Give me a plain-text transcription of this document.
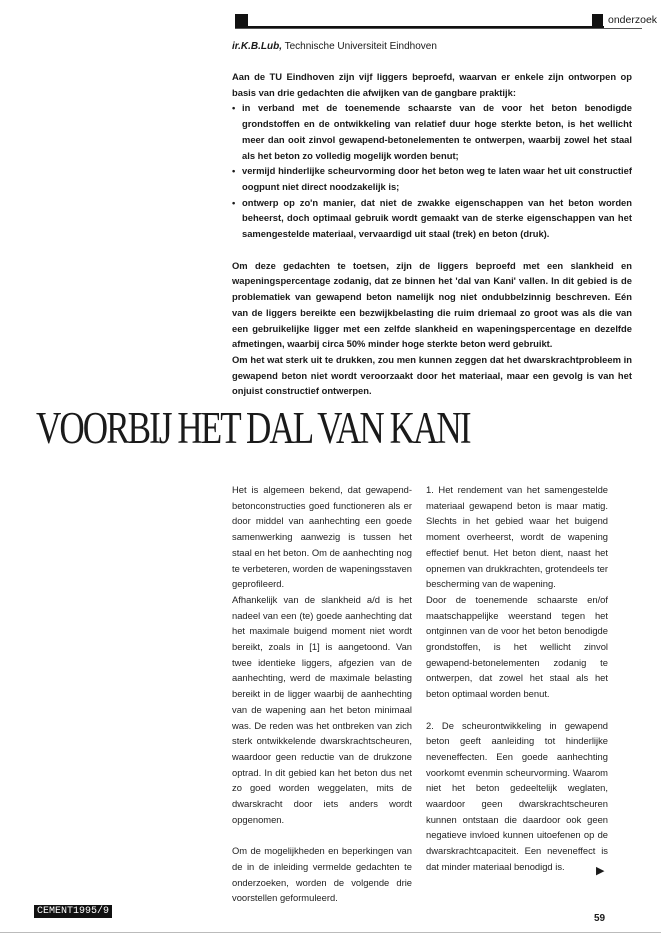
onderzoek
ir.K.B.Lub, Technische Universiteit Eindhoven

Aan de TU Eindhoven zijn vijf liggers beproefd, waarvan er enkele zijn ontworpen op basis van drie gedachten die afwijken van de gangbare praktijk:

• in verband met de toenemende schaarste van de voor het beton benodigde grondstoffen en de ontwikkeling van relatief duur hoge sterkte beton, is het wellicht meer dan ooit zinvol gewapend-betonelementen te ontwerpen, waarbij zowel het staal als het beton zo volledig mogelijk worden benut;
• vermijd hinderlijke scheurvorming door het beton weg te laten waar het uit constructief oogpunt niet direct noodzakelijk is;
• ontwerp op zo'n manier, dat niet de zwakke eigenschappen van het beton worden beheerst, doch optimaal gebruik wordt gemaakt van de sterke eigenschappen van het samengestelde materiaal, vervaardigd uit staal (trek) en beton (druk).

Om deze gedachten te toetsen, zijn de liggers beproefd met een slankheid en wapeningspercentage zodanig, dat ze binnen het 'dal van Kani' vallen. In dit gebied is de problematiek van gewapend beton namelijk nog niet ondubbelzinnig beschreven. Eén van de liggers bereikte een bezwijkbelasting die ruim driemaal zo groot was als die van een gebruikelijke ligger met een zelfde slankheid en wapeningspercentage en dezelfde afmetingen, waarbij circa 50% minder hoge sterkte beton werd gebruikt.

Om het wat sterk uit te drukken, zou men kunnen zeggen dat het dwarskrachtprobleem in gewapend beton niet wordt veroorzaakt door het materiaal, maar een gevolg is van het onjuist constructief ontwerpen.

VOORBIJ HET DAL VAN KANI

Het is algemeen bekend, dat gewapend-betonconstructies goed functioneren als er door middel van aanhechting een goede samenwerking aanwezig is tussen het staal en het beton. Om de aanhechting nog te verbeteren, worden de wapeningsstaven geprofileerd.

Afhankelijk van de slankheid a/d is het nadeel van een (te) goede aanhechting dat het maximale buigend moment niet wordt bereikt, zoals in [1] is aangetoond. Van twee identieke liggers, afgezien van de aanhechting, werd de maximale belasting bereikt in de ligger waarbij de aanhechting van de wapening aan het beton minimaal was. De reden was het ontbreken van zich sterk ontwikkelende dwarskrachtscheuren, waardoor geen reductie van de drukzone optrad. In dit gebied kan het beton dus net zo goed worden weggelaten, mits de dwarskracht door iets anders wordt opgenomen.

Om de mogelijkheden en beperkingen van de in de inleiding vermelde gedachten te onderzoeken, worden de volgende drie voorstellen geformuleerd.

1. Het rendement van het samengestelde materiaal gewapend beton is maar matig. Slechts in het gebied waar het buigend moment overheerst, wordt de wapening effectief benut. Het beton dient, naast het opnemen van drukkrachten, grotendeels ter bescherming van de wapening.

Door de toenemende schaarste en/of maatschappelijke weerstand tegen het ontginnen van de voor het beton benodigde grondstoffen, is het wellicht zinvol gewapend-betonelementen zodanig te ontwerpen, dat zowel het staal als het beton optimaal worden benut.

2. De scheurontwikkeling in gewapend beton geeft aanleiding tot hinderlijke neveneffecten. Een goede aanhechting voorkomt evenmin scheurvorming. Waarom niet het beton gedeeltelijk weglaten, waardoor geen dwarskrachtscheuren kunnen ontstaan die daardoor ook geen negatieve invloed kunnen uitoefenen op de dwarskrachtcapaciteit. Een neveneffect is dat minder materiaal benodigd is.	▶
CEMENT1995/9
59
